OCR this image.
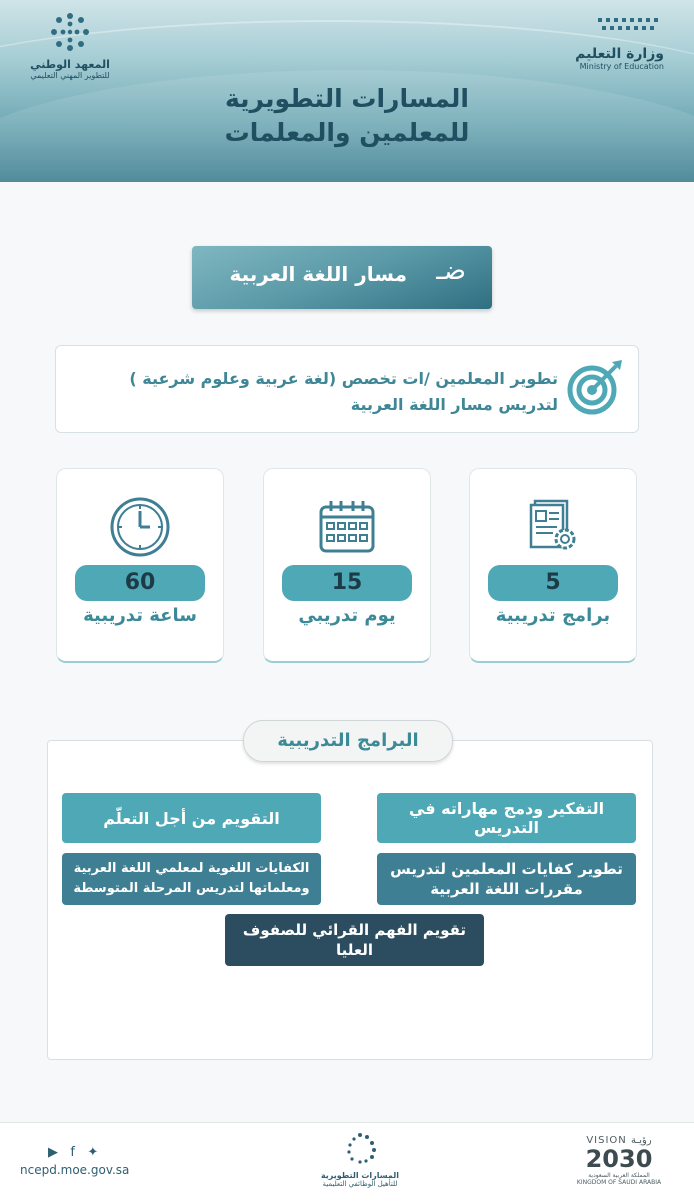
وزارة التعليم
Ministry of Education
المعهد الوطني
للتطوير المهني التعليمي
المسارات التطويرية
للمعلمين والمعلمات
ضـ
مسار اللغة العربية
تطوير المعلمين /ات تخصص (لغة عربية وعلوم شرعية ) لتدريس مسار اللغة العربية
5
برامج تدريبية
15
يوم تدريبي
60
ساعة تدريبية
البرامج التدريبية
التفكير ودمج مهاراته في التدريس
التقويم من أجل التعلّم
تطوير كفايات المعلمين لتدريس مقررات اللغة العربية
الكفايات اللغوية لمعلمي اللغة العربية ومعلماتها لتدريس المرحلة المتوسطة
تقويم الفهم القرائي للصفوف العليا
▶ f ✦
ncepd.moe.gov.sa	المسارات التطويرية
للتأهيل الوظائفي التعليمية
VISION رؤيـة
2030
المملكة العربية السعودية
KINGDOM OF SAUDI ARABIA
